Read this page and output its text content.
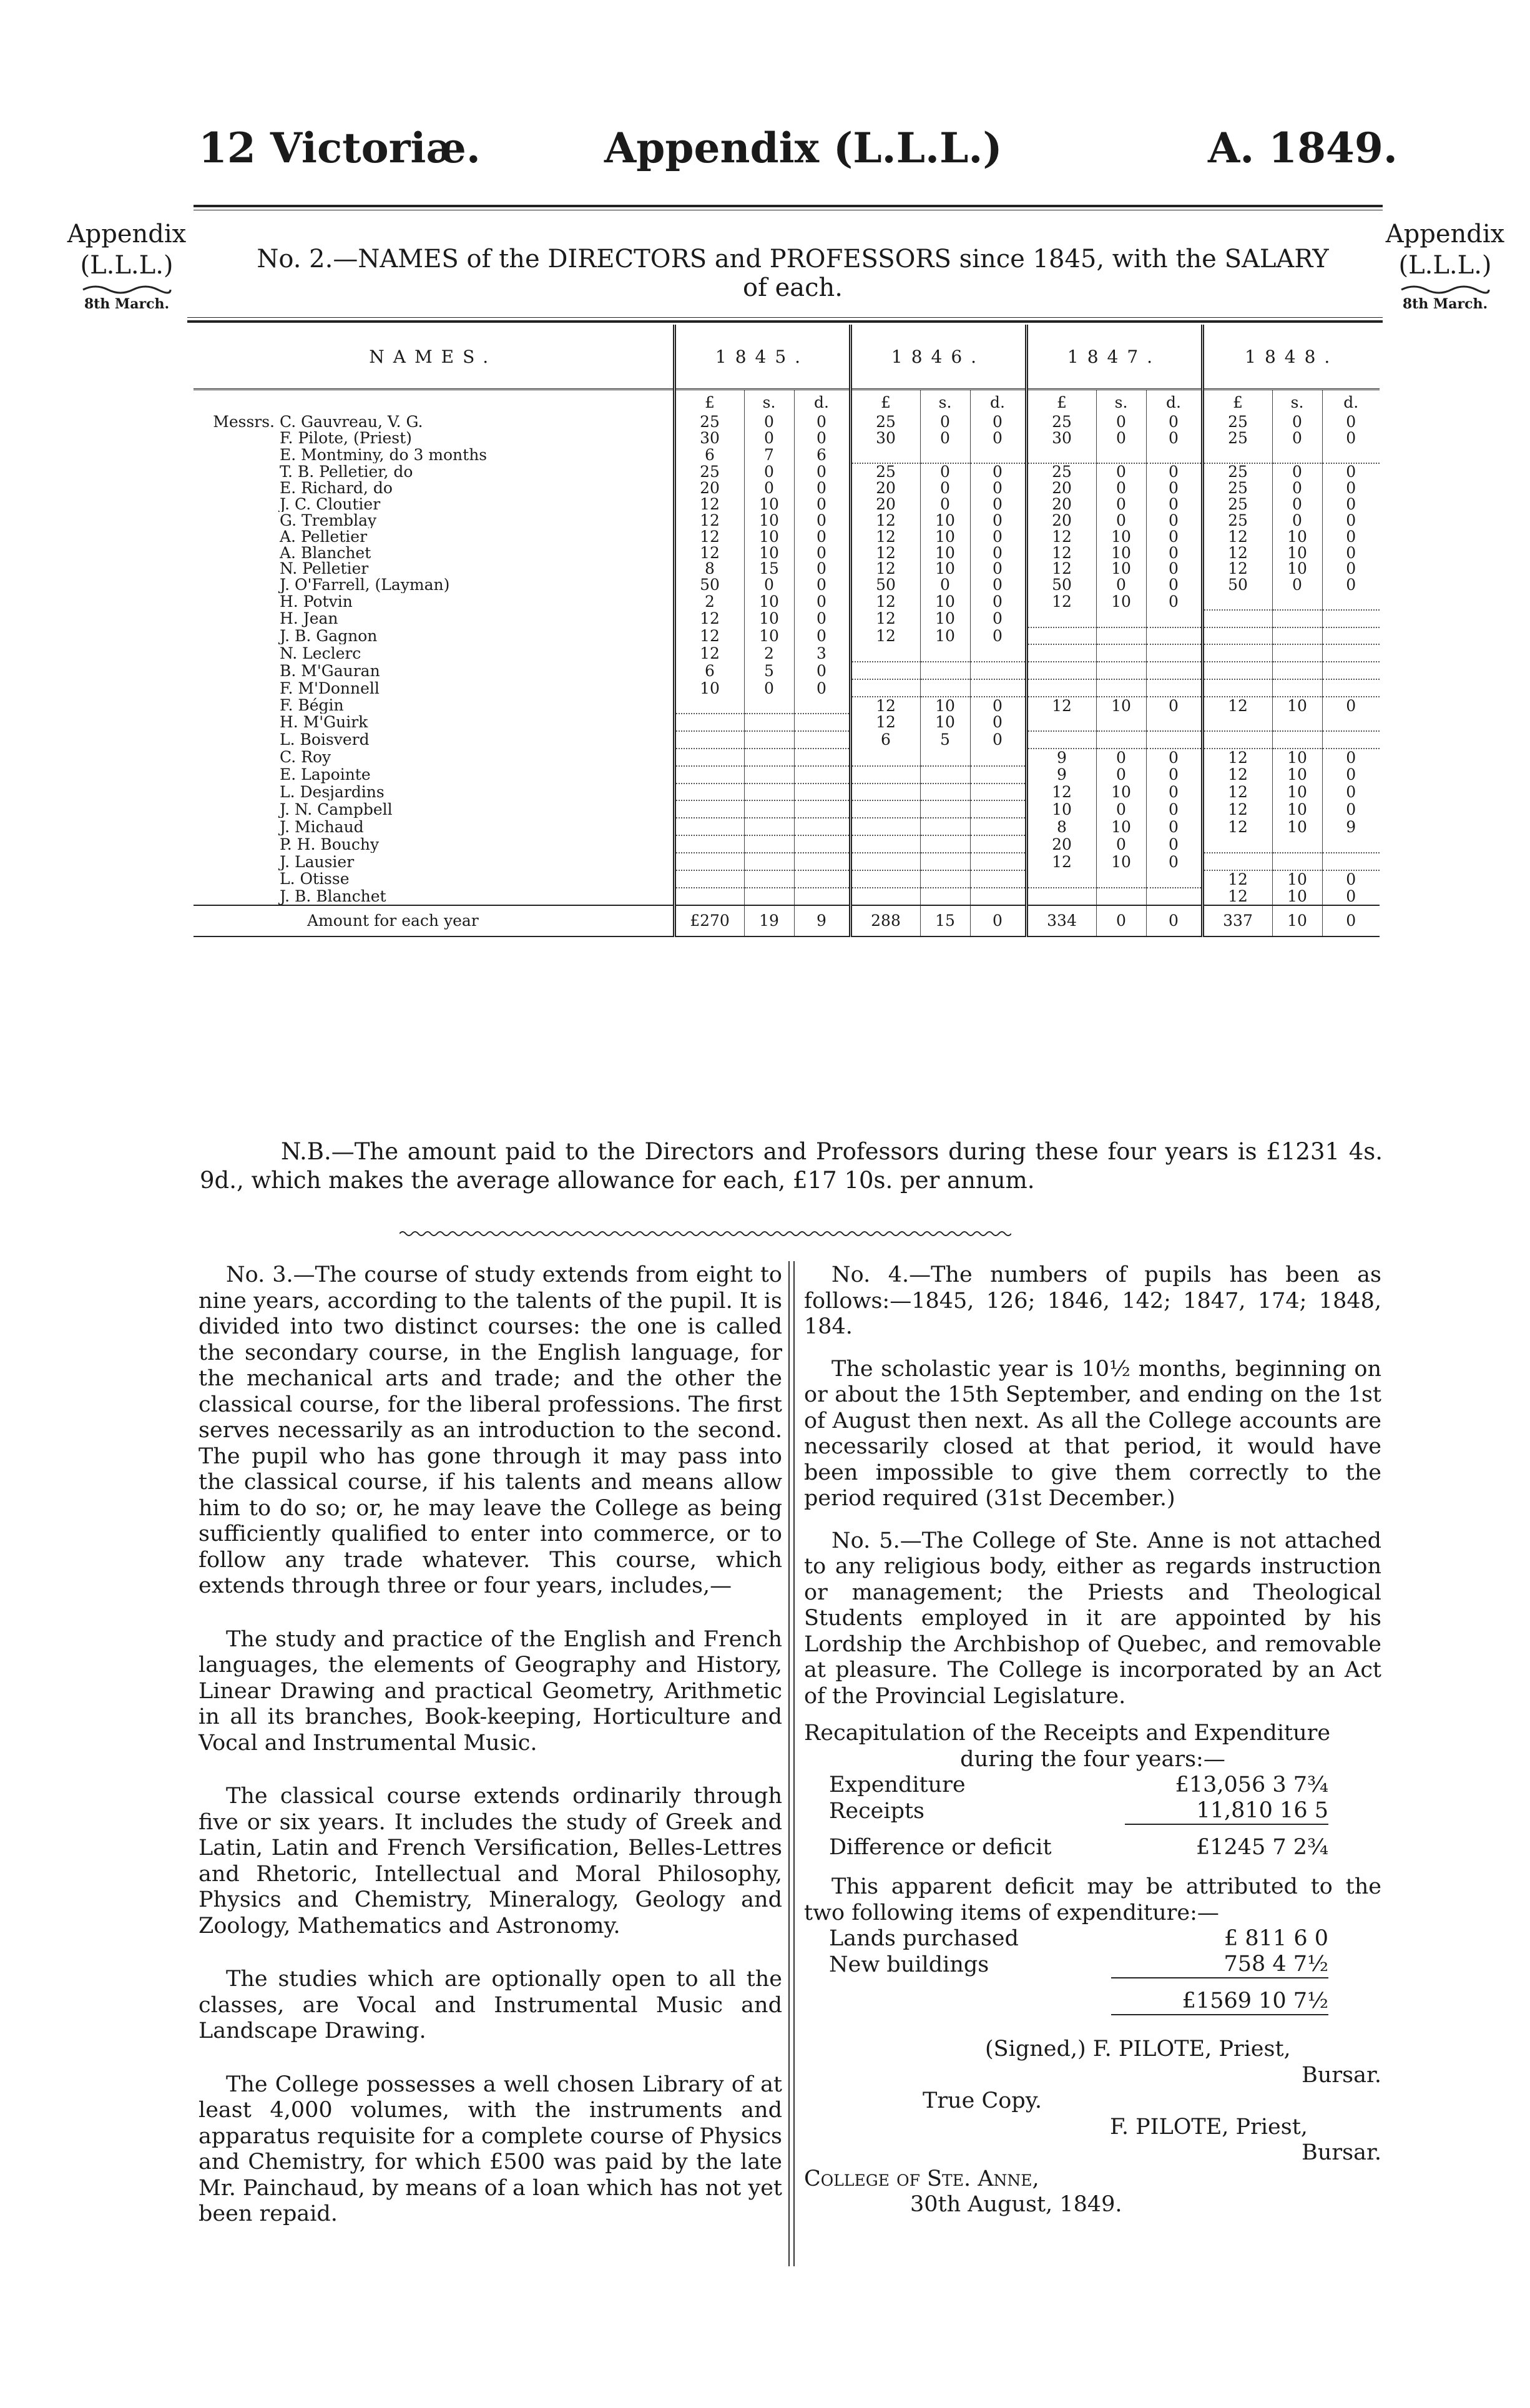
12 Victoriæ.	Appendix (L.L.L.)	A. 1849.
Appendix
(L.L.L.)
8th March.
Appendix
(L.L.L.)
8th March.
No. 2.—NAMES of the DIRECTORS and PROFESSORS since 1845, with the SALARY
of each.
NAMES.	1845.			1846.			1847.			1848.		
	£	s.	d.	£	s.	d.	£	s.	d.	£	s.	d.
Messrs. C. Gauvreau, V. G.	25	0	0	25	0	0	25	0	0	25	0	0
F. Pilote, (Priest)	30	0	0	30	0	0	30	0	0	25	0	0
E. Montminy, do 3 months	6	7	6									
T. B. Pelletier, do	25	0	0	25	0	0	25	0	0	25	0	0
E. Richard, do	20	0	0	20	0	0	20	0	0	25	0	0
J. C. Cloutier	12	10	0	20	0	0	20	0	0	25	0	0
G. Tremblay	12	10	0	12	10	0	20	0	0	25	0	0
A. Pelletier	12	10	0	12	10	0	12	10	0	12	10	0
A. Blanchet	12	10	0	12	10	0	12	10	0	12	10	0
N. Pelletier	8	15	0	12	10	0	12	10	0	12	10	0
J. O'Farrell, (Layman)	50	0	0	50	0	0	50	0	0	50	0	0
H. Potvin	2	10	0	12	10	0	12	10	0			
H. Jean	12	10	0	12	10	0						
J. B. Gagnon	12	10	0	12	10	0						
N. Leclerc	12	2	3									
B. M'Gauran	6	5	0									
F. M'Donnell	10	0	0									
F. Bégin				12	10	0	12	10	0	12	10	0
H. M'Guirk				12	10	0						
L. Boisverd				6	5	0						
C. Roy							9	0	0	12	10	0
E. Lapointe							9	0	0	12	10	0
L. Desjardins							12	10	0	12	10	0
J. N. Campbell							10	0	0	12	10	0
J. Michaud							8	10	0	12	10	9
P. H. Bouchy							20	0	0			
J. Lausier							12	10	0			
L. Otisse										12	10	0
J. B. Blanchet										12	10	0
Amount for each year	£270	19	9	288	15	0	334	0	0	337	10	0
N.B.—The amount paid to the Directors and Professors during these four years is £1231 4s. 9d., which makes the average allowance for each, £17 10s. per annum.

No. 3.—The course of study extends from eight to nine years, according to the talents of the pupil. It is divided into two distinct courses: the one is called the secondary course, in the English language, for the mechanical arts and trade; and the other the classical course, for the liberal professions. The first serves necessarily as an introduction to the second. The pupil who has gone through it may pass into the classical course, if his talents and means allow him to do so; or, he may leave the College as being sufficiently qualified to enter into commerce, or to follow any trade whatever. This course, which extends through three or four years, includes,—

The study and practice of the English and French languages, the elements of Geography and History, Linear Drawing and practical Geometry, Arithmetic in all its branches, Book-keeping, Horticulture and Vocal and Instrumental Music.

The classical course extends ordinarily through five or six years. It includes the study of Greek and Latin, Latin and French Versification, Belles-Lettres and Rhetoric, Intellectual and Moral Philosophy, Physics and Chemistry, Mineralogy, Geology and Zoology, Mathematics and Astronomy.

The studies which are optionally open to all the classes, are Vocal and Instrumental Music and Landscape Drawing.

The College possesses a well chosen Library of at least 4,000 volumes, with the instruments and apparatus requisite for a complete course of Physics and Chemistry, for which £500 was paid by the late Mr. Painchaud, by means of a loan which has not yet been repaid.

No. 4.—The numbers of pupils has been as follows:—1845, 126; 1846, 142; 1847, 174; 1848, 184.

The scholastic year is 10½ months, beginning on or about the 15th September, and ending on the 1st of August then next. As all the College accounts are necessarily closed at that period, it would have been impossible to give them correctly to the period required (31st December.)

No. 5.—The College of Ste. Anne is not attached to any religious body, either as regards instruction or management; the Priests and Theological Students employed in it are appointed by his Lordship the Archbishop of Quebec, and removable at pleasure. The College is incorporated by an Act of the Provincial Legislature.

Recapitulation of the Receipts and Expenditure
during the four years:—
Expenditure	£13,056 3 7¾
Receipts	11,810 16 5
Difference or deficit	£1245 7 2¾

This apparent deficit may be attributed to the two following items of expenditure:—

Lands purchased	£ 811 6 0
New buildings	758 4 7½
	£1569 10 7½
(Signed,) F. PILOTE, Priest,
Bursar.
True Copy.
F. PILOTE, Priest,
Bursar.
College of Ste. Anne,
30th August, 1849.
